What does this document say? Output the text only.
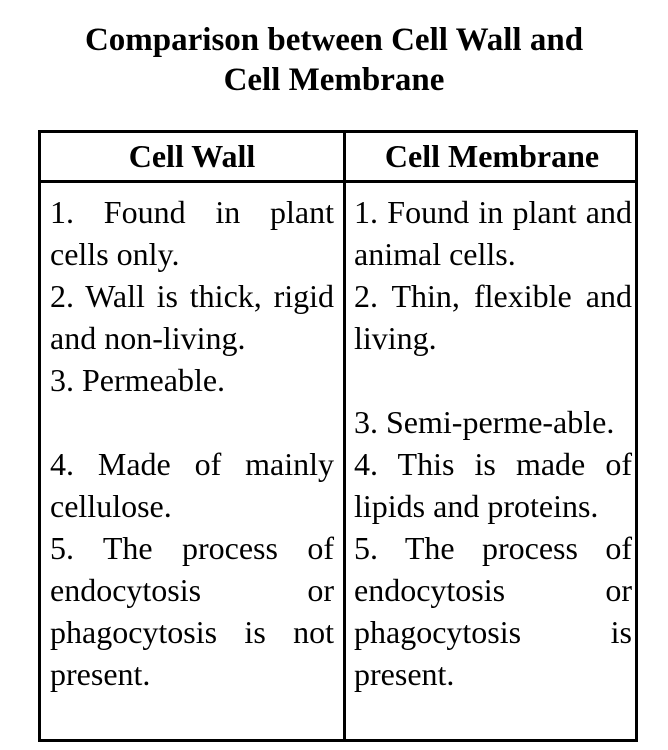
Comparison between Cell Wall and
Cell Membrane
Cell Wall	Cell Membrane

1. Found in plant cells only.

2. Wall is thick, rigid and non-living.

3. Permeable.

4. Made of mainly cellulose.

5. The process of endocytosis or phagocytosis is not present.

1. Found in plant and animal cells.

2. Thin, flexible and living.

3. Semi-perme-able.

4. This is made of lipids and proteins.

5. The process of endocytosis or phagocytosis is present.
